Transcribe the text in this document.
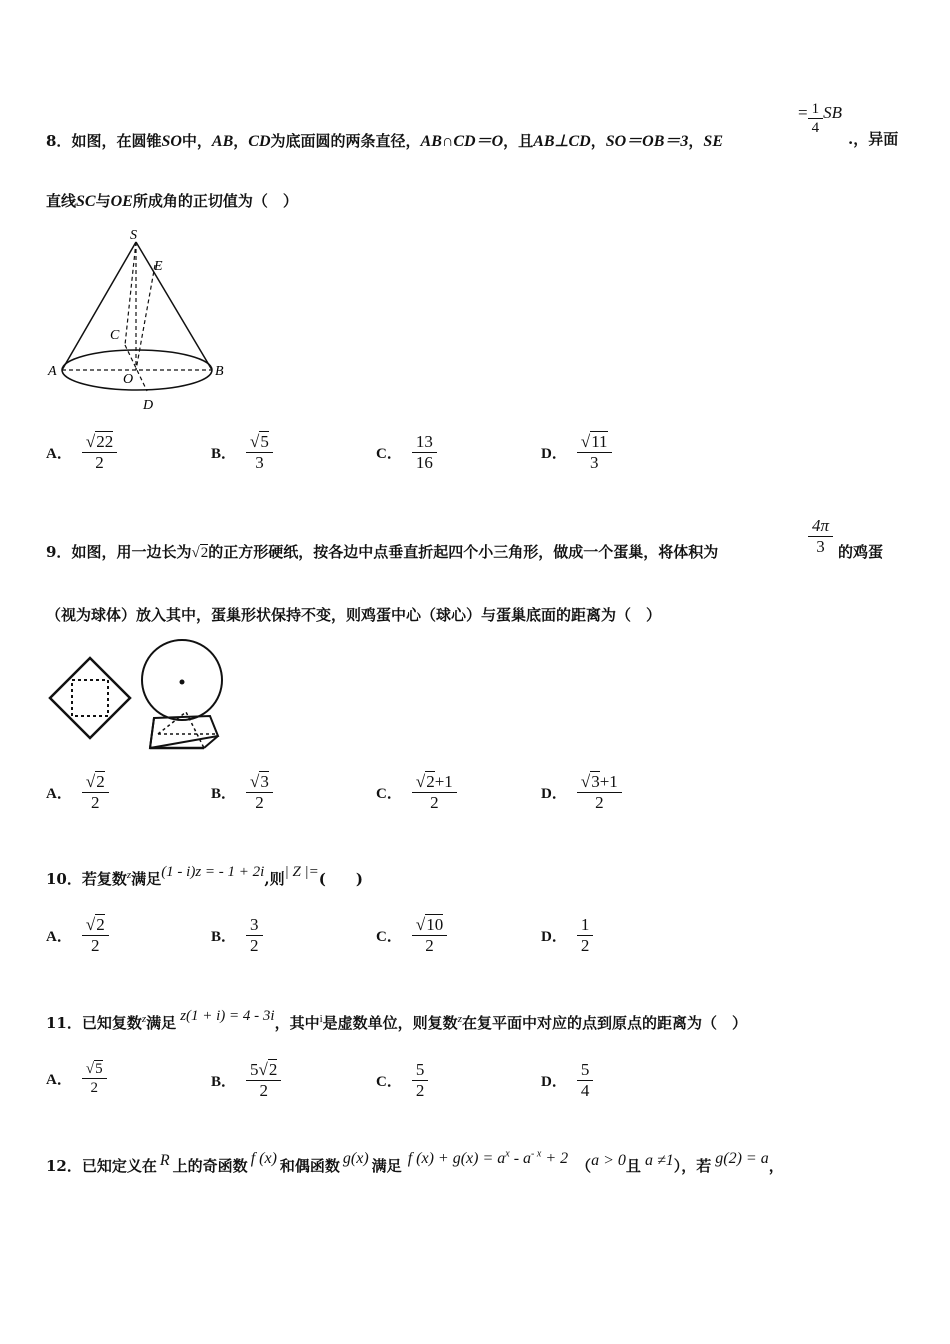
8．如图，在圆锥SO中，AB，CD为底面圆的两条直径，AB∩CD＝O，且AB⊥CD，SO＝OB＝3，SE
= $\frac{1}{4}$ SB
.，异面
直线SC与OE所成角的正切值为（　）
S
E
C
A
O
B
D
A． $\frac{√22}{2}$	B． $\frac{√5}{3}$	C． $\frac{13}{16}$	D． $\frac{√11}{3}$
9．如图，用一边长为√2的正方形硬纸，按各边中点垂直折起四个小三角形，做成一个蛋巢，将体积为	$\frac{4\pi}{3}$ 的鸡蛋
（视为球体）放入其中，蛋巢形状保持不变，则鸡蛋中心（球心）与蛋巢底面的距离为（　）
A． $\frac{√2}{2}$	B． $\frac{√3}{2}$	C． $\frac{√2+1}{2}$	D． $\frac{√3+1}{2}$
10．若复数$^z$满足(1 - i)z = - 1 + 2i,则| Z |=(　　)
A． $\frac{√2}{2}$	B． $\frac{3}{2}$	C． $\frac{√10}{2}$	D． $\frac{1}{2}$
11．已知复数$^z$满足 z(1 + i) = 4 - 3i，其中$^i$是虚数单位，则复数$^z$在复平面中对应的点到原点的距离为（　）
A． $\frac{√5}{2}$	B． $\frac{5√2}{2}$	C． $\frac{5}{2}$	D． $\frac{5}{4}$
12．已知定义在 R 上的奇函数 f (x) 和偶函数 g(x) 满足 f $(x) + g(x) = a^x - a^{- x} + 2$ （a > 0且 a ≠1），若 g(2) = a，
